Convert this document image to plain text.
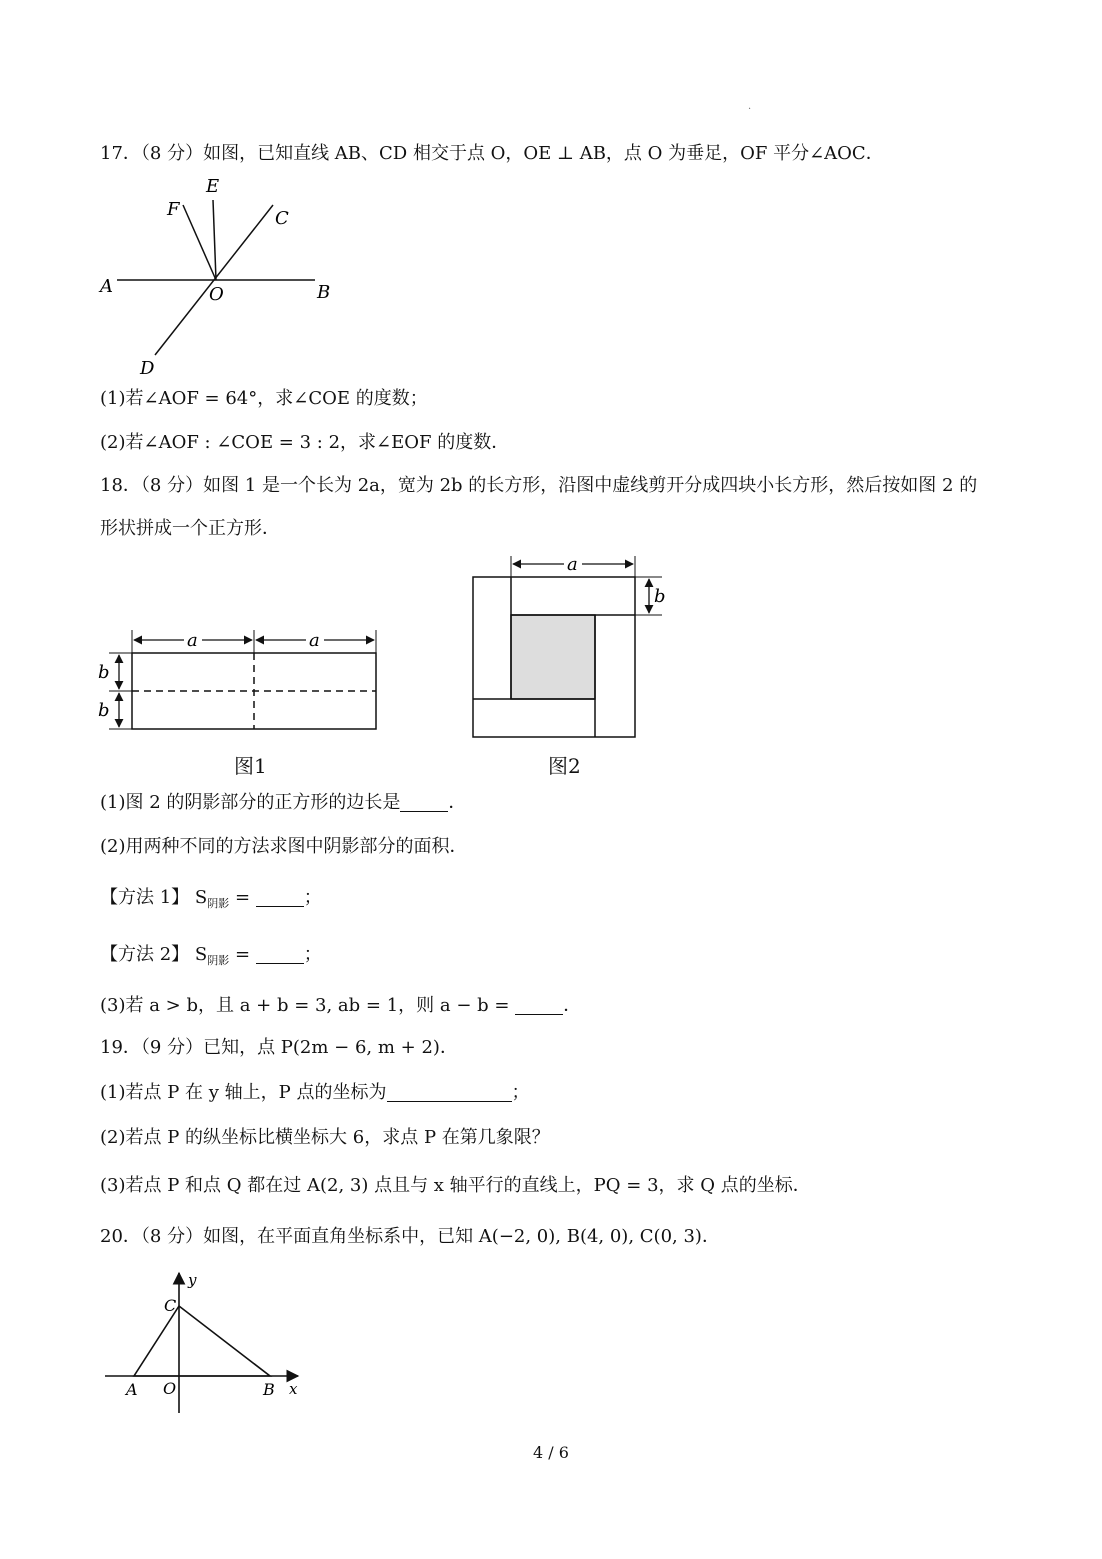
·
17．（8 分）如图，已知直线 AB、CD 相交于点 O，OE ⊥ AB，点 O 为垂足，OF 平分∠AOC．
E
F	C
A	O	B
D
(1)若∠AOF = 64°，求∠COE 的度数；
(2)若∠AOF : ∠COE = 3 : 2，求∠EOF 的度数．
18．（8 分）如图 1 是一个长为 2a，宽为 2b 的长方形，沿图中虚线剪开分成四块小长方形，然后按如图 2 的
形状拼成一个正方形．
a	a
b
b
a
b
图1	图2
(1)图 2 的阴影部分的正方形的边长是	．
(2)用两种不同的方法求图中阴影部分的面积．
【方法 1】 $S_{阴影}$ =	；
【方法 2】 $S_{阴影}$ =	；
(3)若 a > b，且 a + b = 3, ab = 1，则 a − b =	．
19．（9 分）已知，点 P(2m − 6, m + 2)．
(1)若点 P 在 y 轴上，P 点的坐标为	；
(2)若点 P 的纵坐标比横坐标大 6，求点 P 在第几象限？
(3)若点 P 和点 Q 都在过 A(2, 3) 点且与 x 轴平行的直线上，PQ = 3，求 Q 点的坐标．
20．（8 分）如图，在平面直角坐标系中，已知 A(−2, 0), B(4, 0), C(0, 3)．
y
C
A O	B x
4 / 6
